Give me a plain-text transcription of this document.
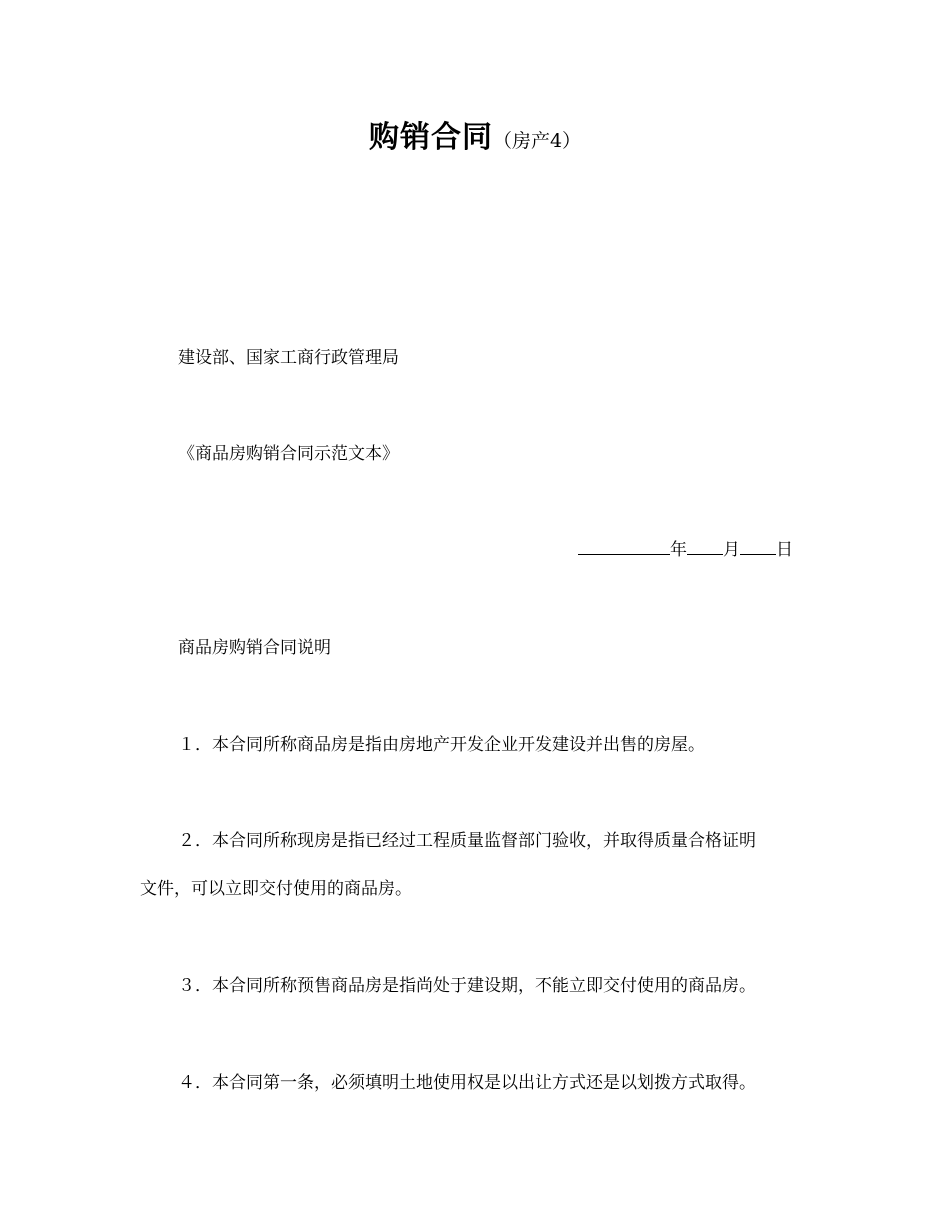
购销合同（房产4）
建设部、国家工商行政管理局
《商品房购销合同示范文本》
年 月 日
商品房购销合同说明
１．本合同所称商品房是指由房地产开发企业开发建设并出售的房屋。
２．本合同所称现房是指已经过工程质量监督部门验收，并取得质量合格证明
文件，可以立即交付使用的商品房。
３．本合同所称预售商品房是指尚处于建设期，不能立即交付使用的商品房。
４．本合同第一条，必须填明土地使用权是以出让方式还是以划拨方式取得。
